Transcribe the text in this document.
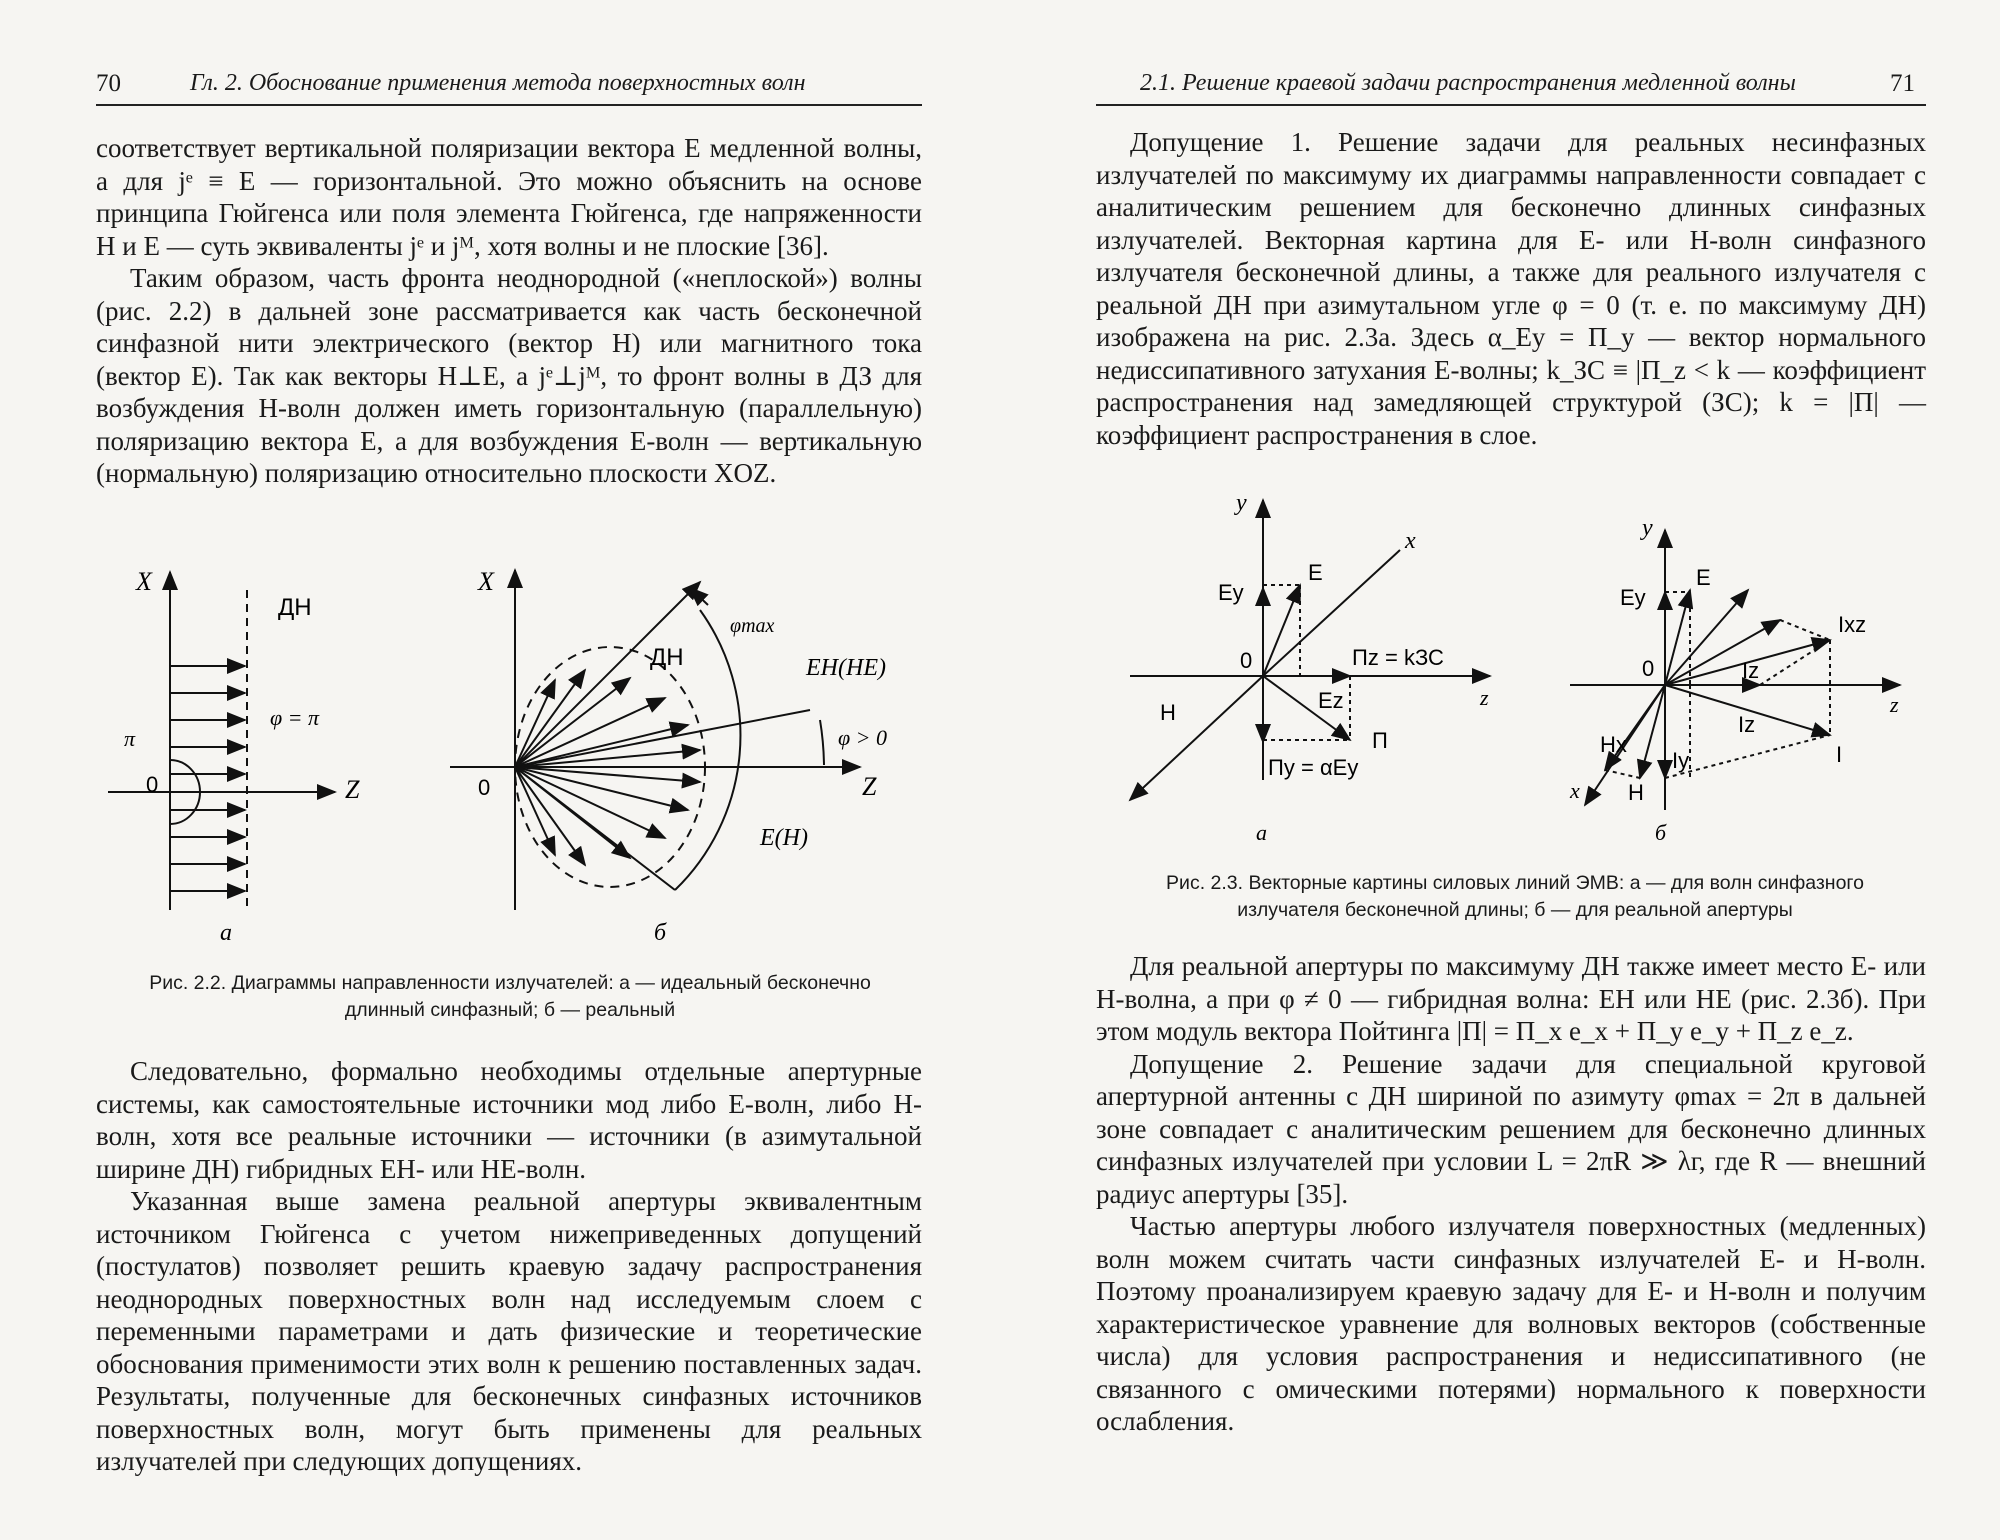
70	Гл. 2. Обоснование применения метода поверхностных волн

соответствует вертикальной поляризации вектора E медленной волны, а для jᵉ ≡ E — горизонтальной. Это можно объяснить на основе принципа Гюйгенса или поля элемента Гюйгенса, где напряженности H и E — суть эквиваленты jᵉ и jᴹ, хотя волны и не плоские [36].

Таким образом, часть фронта неоднородной («неплоской») волны (рис. 2.2) в дальней зоне рассматривается как часть бесконечной синфазной нити электрического (вектор H) или магнитного тока (вектор E). Так как векторы H⊥E, а jᵉ⊥jᴹ, то фронт волны в ДЗ для возбуждения H-волн должен иметь горизонтальную (параллельную) поляризацию вектора E, а для возбуждения E-волн — вертикальную (нормальную) поляризацию относительно плоскости XOZ.

X
ДН
φ = π
π
0	Z
а
X
ДН
φmax
EH(HE)
φ > 0
0	Z
E(H)
б
Рис. 2.2. Диаграммы направленности излучателей: а — идеальный бесконечно
длинный синфазный; б — реальный

Следовательно, формально необходимы отдельные апертурные системы, как самостоятельные источники мод либо E-волн, либо H-волн, хотя все реальные источники — источники (в азимутальной ширине ДН) гибридных EH- или HE-волн.

Указанная выше замена реальной апертуры эквивалентным источником Гюйгенса с учетом нижеприведенных допущений (постулатов) позволяет решить краевую задачу распространения неоднородных поверхностных волн над исследуемым слоем с переменными параметрами и дать физические и теоретические обоснования применимости этих волн к решению поставленных задач. Результаты, полученные для бесконечных синфазных источников поверхностных волн, могут быть применены для реальных излучателей при следующих допущениях.

2.1. Решение краевой задачи распространения медленной волны	71

Допущение 1. Решение задачи для реальных несинфазных излучателей по максимуму их диаграммы направленности совпадает с аналитическим решением для бесконечно длинных синфазных излучателей. Векторная картина для E- или H-волн синфазного излучателя бесконечной длины, а также для реального излучателя с реальной ДН при азимутальном угле φ = 0 (т. е. по максимуму ДН) изображена на рис. 2.3а. Здесь α_Ey = Π_y — вектор нормального недиссипативного затухания E-волны; k_ЗС ≡ |Π_z < k — коэффициент распространения над замедляющей структурой (ЗС); k = |Π| — коэффициент распространения в слое.

y
x
E
Eу
0	Πz = kЗС
z
Ez
H
Π
Πy = αEy
а
y
E
Eу
Ixz
0	Iz
z
Iz
Hx
Iy	I
x H
б
Рис. 2.3. Векторные картины силовых линий ЭМВ: а — для волн синфазного
излучателя бесконечной длины; б — для реальной апертуры

Для реальной апертуры по максимуму ДН также имеет место E- или H-волна, а при φ ≠ 0 — гибридная волна: EH или HE (рис. 2.3б). При этом модуль вектора Пойтинга |Π| = Π_x e_x + Π_y e_y + Π_z e_z.

Допущение 2. Решение задачи для специальной круговой апертурной антенны с ДН шириной по азимуту φmax = 2π в дальней зоне совпадает с аналитическим решением для бесконечно длинных синфазных излучателей при условии L = 2πR ≫ λг, где R — внешний радиус апертуры [35].

Частью апертуры любого излучателя поверхностных (медленных) волн можем считать части синфазных излучателей E- и H-волн. Поэтому проанализируем краевую задачу для E- и H-волн и получим характеристическое уравнение для волновых векторов (собственные числа) для условия распространения и недиссипативного (не связанного с омическими потерями) нормального к поверхности ослабления.
